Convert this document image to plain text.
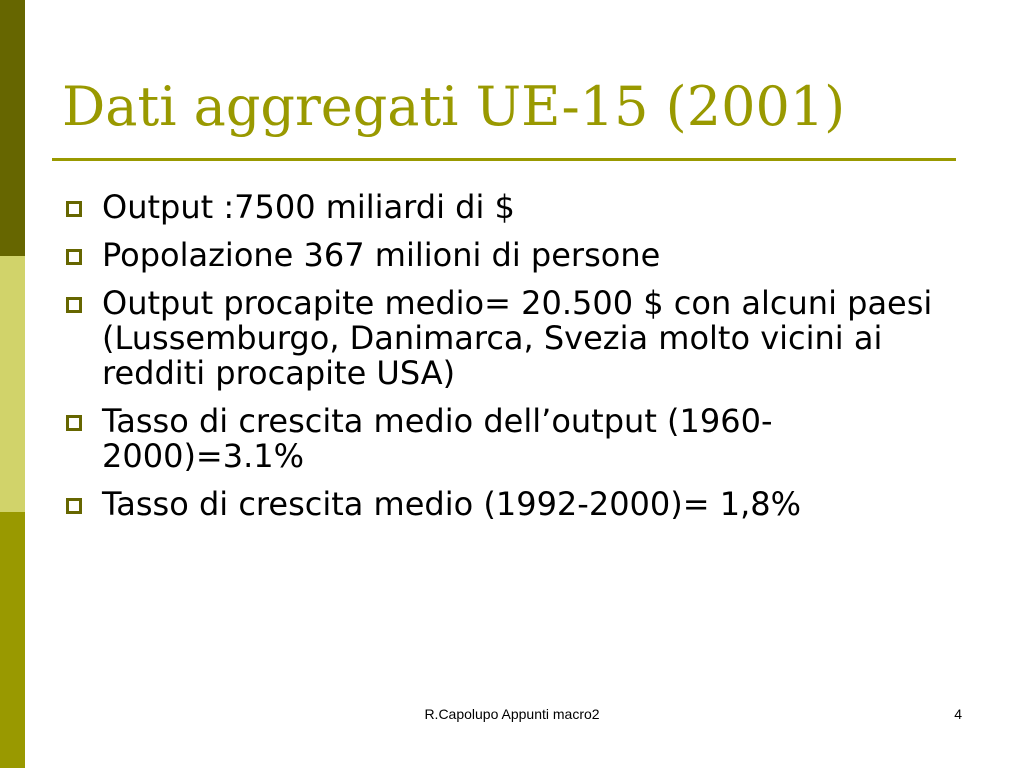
Dati aggregati UE-15 (2001)
Output :7500 miliardi di $
Popolazione 367 milioni di persone
Output procapite medio= 20.500 $ con alcuni paesi (Lussemburgo, Danimarca, Svezia molto vicini ai redditi procapite USA)
Tasso di crescita medio dell’output (1960-2000)=3.1%
Tasso di crescita medio (1992-2000)= 1,8%
R.Capolupo Appunti macro2	4
